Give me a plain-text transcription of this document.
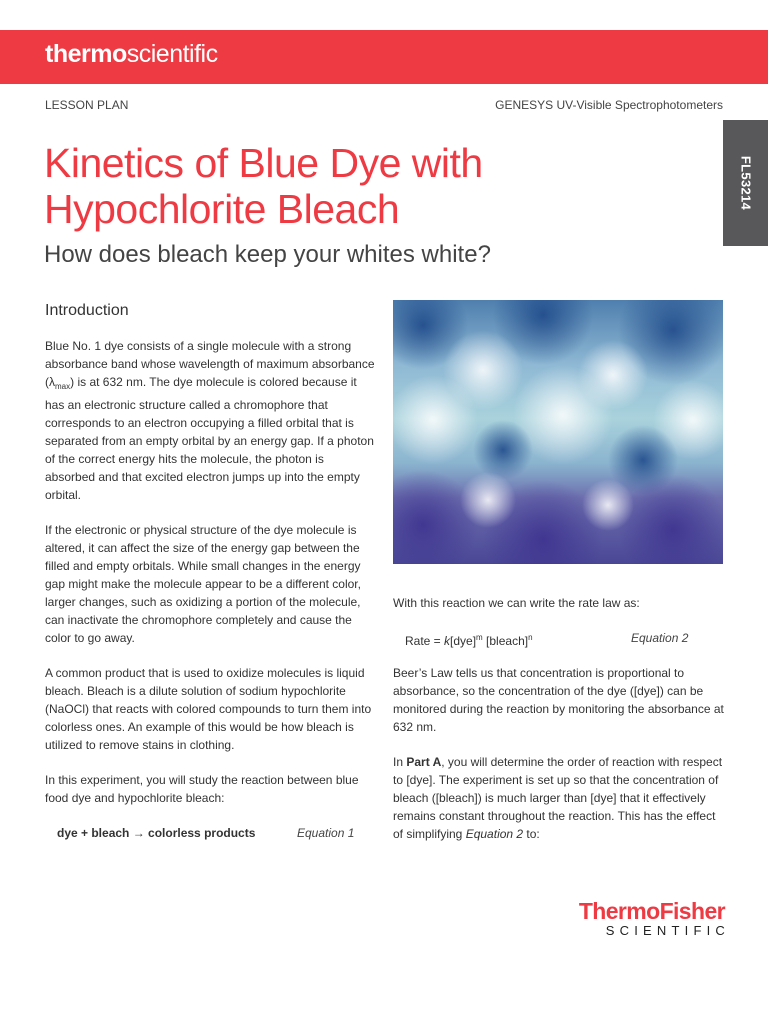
thermoscientific
LESSON PLAN	GENESYS UV-Visible Spectrophotometers
FL53214
Kinetics of Blue Dye with Hypochlorite Bleach
How does bleach keep your whites white?
Introduction

Blue No. 1 dye consists of a single molecule with a strong absorbance band whose wavelength of maximum absorbance $(\lambda_{max})$ is at 632 nm. The dye molecule is colored because it has an electronic structure called a chromophore that corresponds to an electron occupying a filled orbital that is separated from an empty orbital by an energy gap. If a photon of the correct energy hits the molecule, the photon is absorbed and that excited electron jumps up into the empty orbital.

If the electronic or physical structure of the dye molecule is altered, it can affect the size of the energy gap between the filled and empty orbitals. While small changes in the energy gap might make the molecule appear to be a different color, larger changes, such as oxidizing a portion of the molecule, can inactivate the chromophore completely and cause the color to go away.

A common product that is used to oxidize molecules is liquid bleach. Bleach is a dilute solution of sodium hypochlorite (NaOCl) that reacts with colored compounds to turn them into colorless ones. An example of this would be how bleach is utilized to remove stains in clothing.

In this experiment, you will study the reaction between blue food dye and hypochlorite bleach:

dye + bleach → colorless products	Equation 1

With this reaction we can write the rate law as:

Rate = k[dye]$^m$ [bleach]$^n$	Equation 2

Beer’s Law tells us that concentration is proportional to absorbance, so the concentration of the dye ([dye]) can be monitored during the reaction by monitoring the absorbance at 632 nm.

In Part A, you will determine the order of reaction with respect to [dye]. The experiment is set up so that the concentration of bleach ([bleach]) is much larger than [dye] that it effectively remains constant throughout the reaction. This has the effect of simplifying Equation 2 to:

ThermoFisher
SCIENTIFIC
